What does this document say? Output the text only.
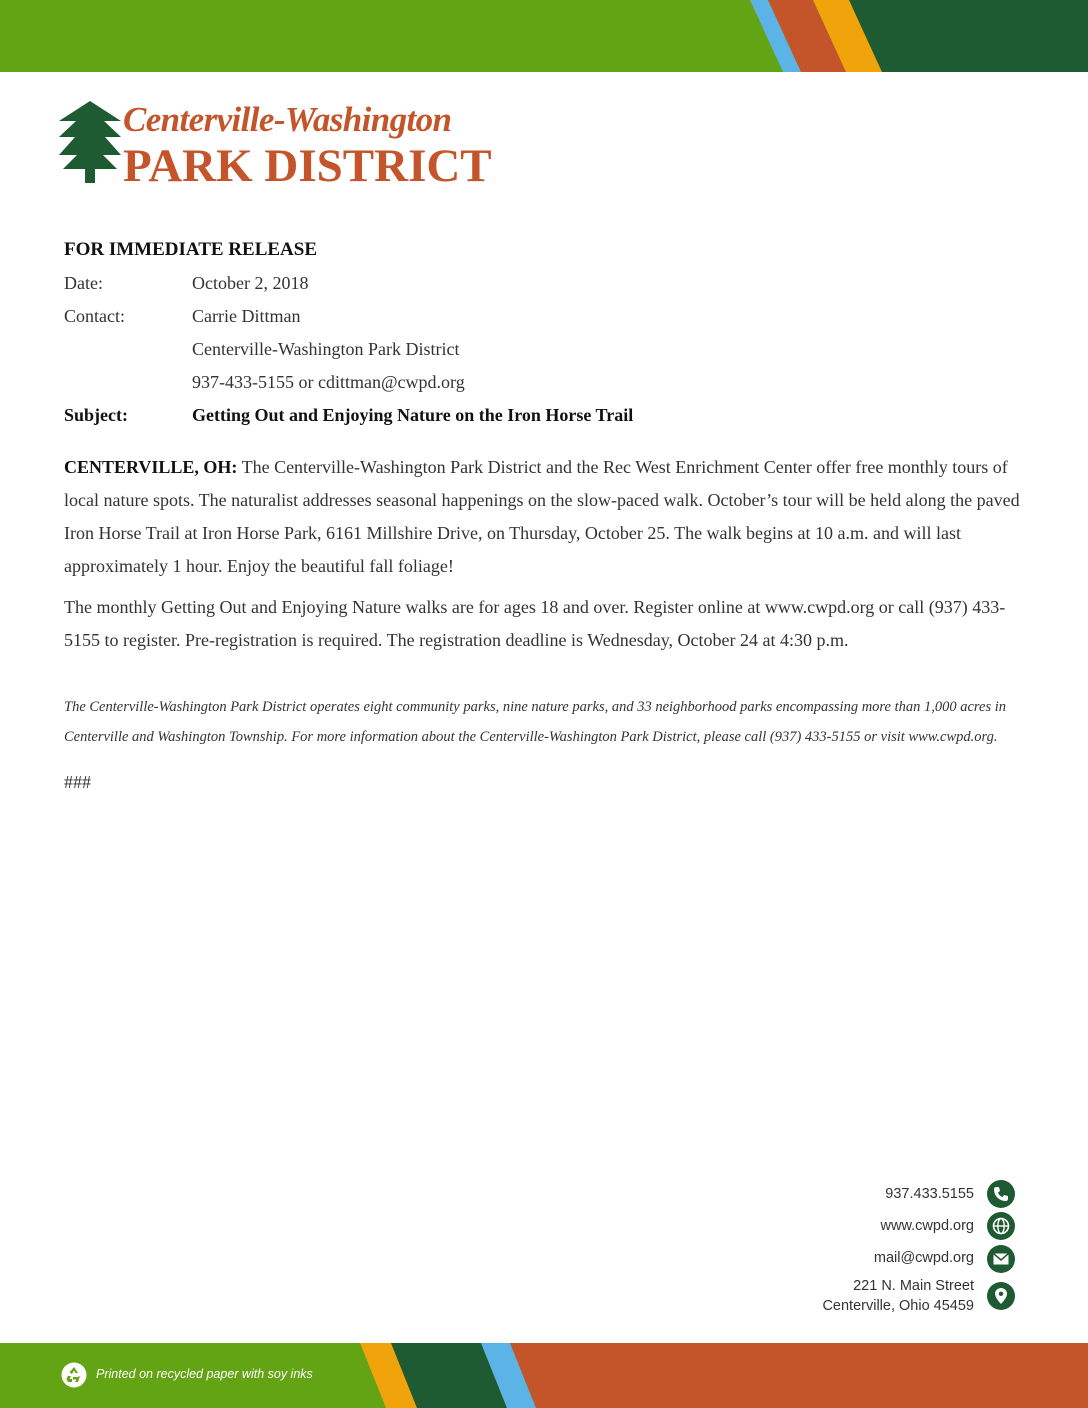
Centerville-Washington
PARK DISTRICT
FOR IMMEDIATE RELEASE
Date:	October 2, 2018
Contact:	Carrie Dittman
Centerville-Washington Park District
937-433-5155 or cdittman@cwpd.org
Subject:	Getting Out and Enjoying Nature on the Iron Horse Trail
CENTERVILLE, OH: The Centerville-Washington Park District and the Rec West Enrichment Center offer free monthly tours of local nature spots. The naturalist addresses seasonal happenings on the slow-paced walk. October’s tour will be held along the paved Iron Horse Trail at Iron Horse Park, 6161 Millshire Drive, on Thursday, October 25. The walk begins at 10 a.m. and will last approximately 1 hour. Enjoy the beautiful fall foliage!
The monthly Getting Out and Enjoying Nature walks are for ages 18 and over. Register online at www.cwpd.org or call (937) 433-5155 to register. Pre-registration is required. The registration deadline is Wednesday, October 24 at 4:30 p.m.
The Centerville-Washington Park District operates eight community parks, nine nature parks, and 33 neighborhood parks encompassing more than 1,000 acres in Centerville and Washington Township. For more information about the Centerville-Washington Park District, please call (937) 433-5155 or visit www.cwpd.org.
###
937.433.5155
www.cwpd.org
mail@cwpd.org
221 N. Main Street
Centerville, Ohio 45459
Printed on recycled paper with soy inks
